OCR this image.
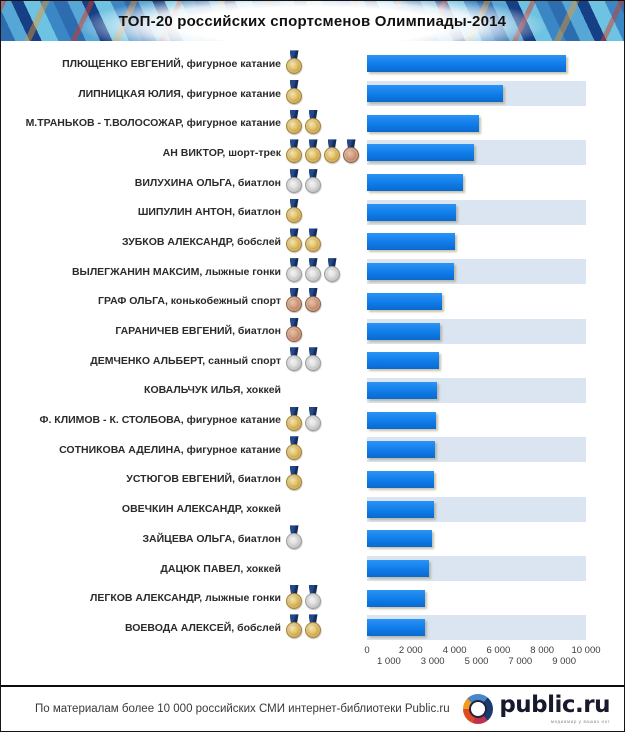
ТОП-20 российских спортсменов Олимпиады-2014
ПЛЮЩЕНКО ЕВГЕНИЙ, фигурное катание
ЛИПНИЦКАЯ ЮЛИЯ, фигурное катание
М.ТРАНЬКОВ - Т.ВОЛОСОЖАР, фигурное катание
АН ВИКТОР, шорт-трек
ВИЛУХИНА ОЛЬГА, биатлон
ШИПУЛИН АНТОН, биатлон
ЗУБКОВ АЛЕКСАНДР, бобслей
ВЫЛЕГЖАНИН МАКСИМ, лыжные гонки
ГРАФ ОЛЬГА, конькобежный спорт
ГАРАНИЧЕВ ЕВГЕНИЙ, биатлон
ДЕМЧЕНКО АЛЬБЕРТ, санный спорт
КОВАЛЬЧУК ИЛЬЯ, хоккей
Ф. КЛИМОВ - К. СТОЛБОВА, фигурное катание
СОТНИКОВА АДЕЛИНА, фигурное катание
УСТЮГОВ ЕВГЕНИЙ, биатлон
ОВЕЧКИН АЛЕКСАНДР, хоккей
ЗАЙЦЕВА ОЛЬГА, биатлон
ДАЦЮК ПАВЕЛ, хоккей
ЛЕГКОВ АЛЕКСАНДР, лыжные гонки
ВОЕВОДА АЛЕКСЕЙ, бобслей
0	2 000 4 000 6 000 8 000 10 000
1 000 3 000 5 000 7 000 9 000
По материалам более 10 000 российских СМИ интернет-библиотеки Public.ru public.ru
медиамир у ваших ног
